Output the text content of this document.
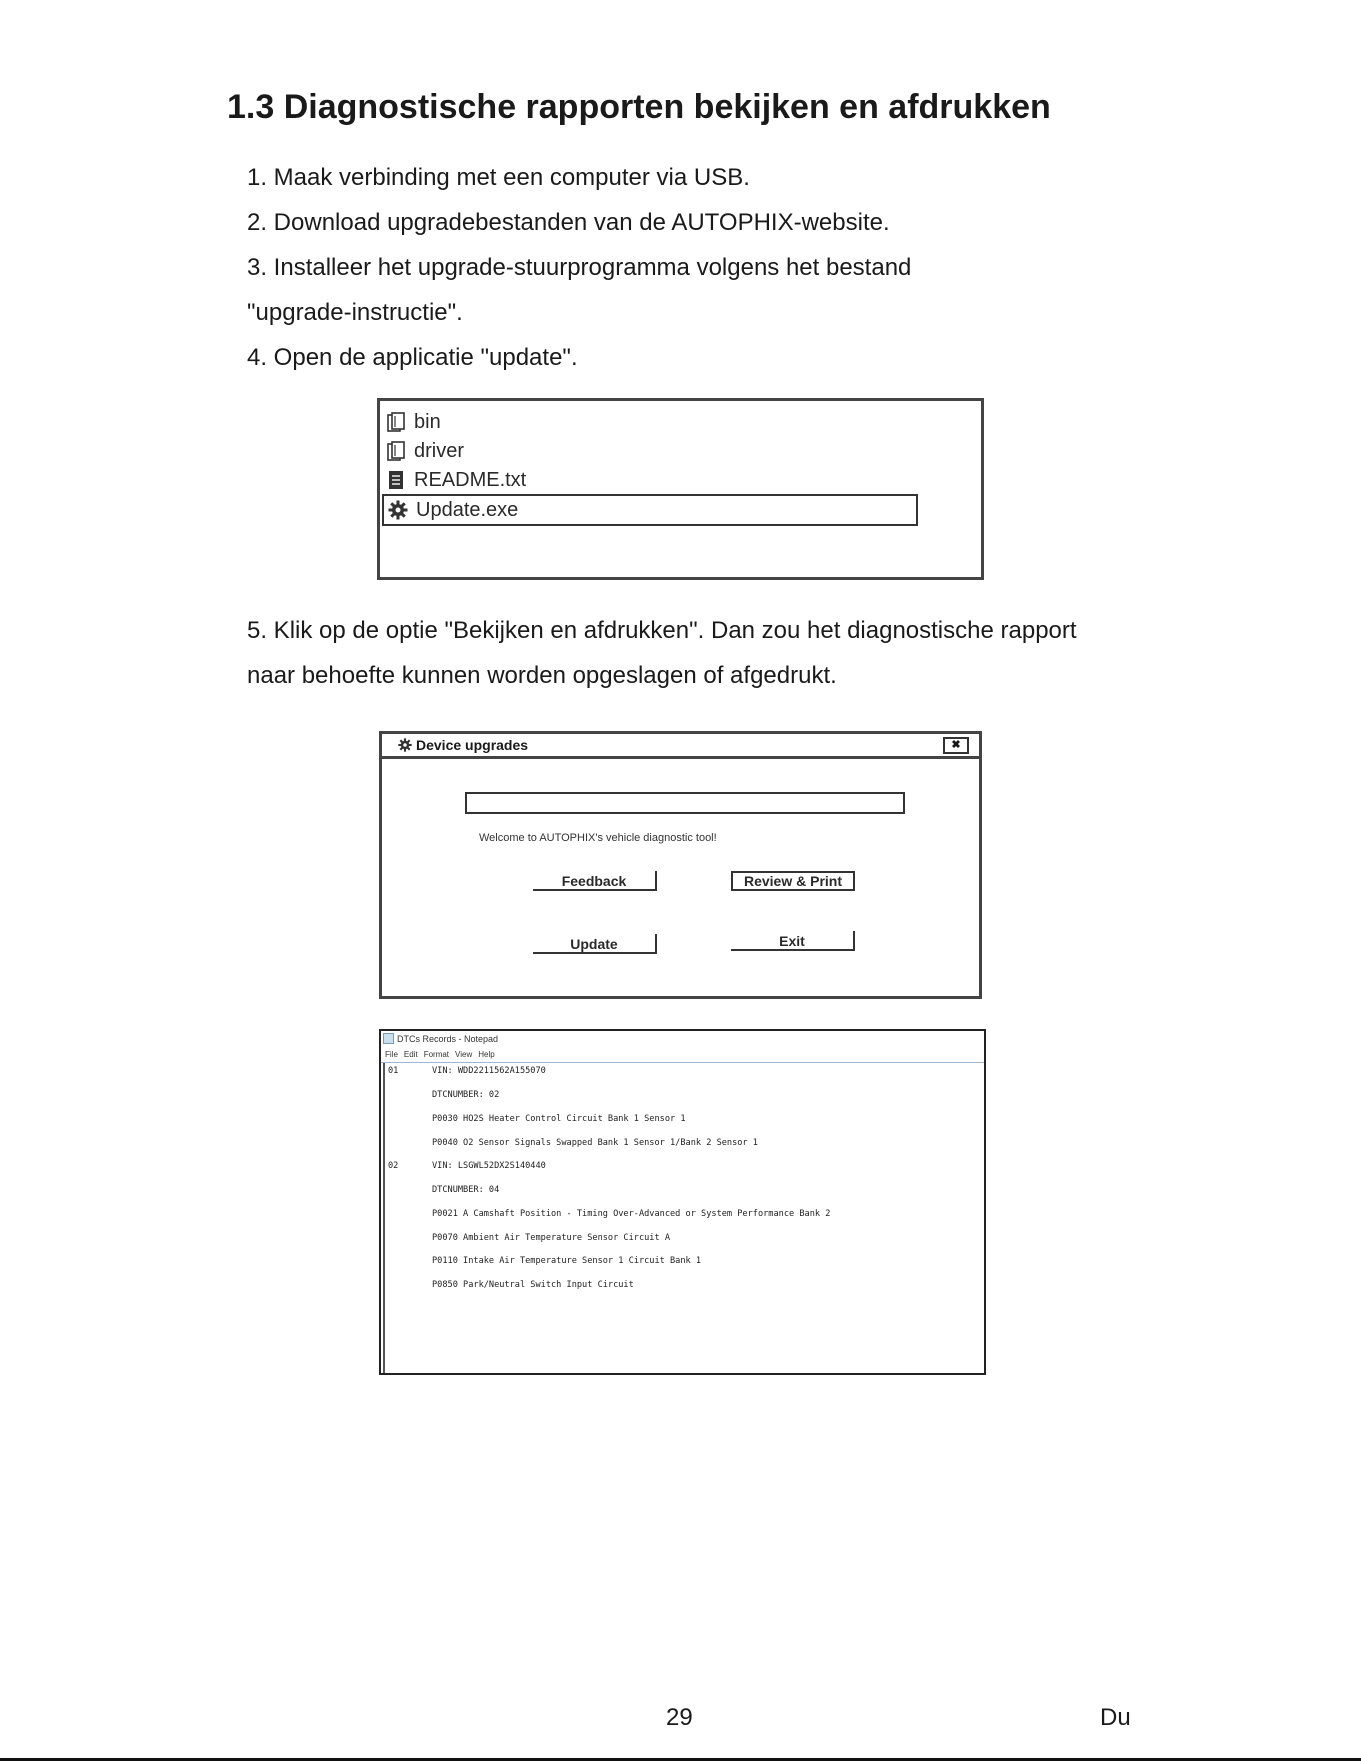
1.3 Diagnostische rapporten bekijken en afdrukken
1. Maak verbinding met een computer via USB.
2. Download upgradebestanden van de AUTOPHIX-website.
3. Installeer het upgrade-stuurprogramma volgens het bestand
"upgrade-instructie".
4. Open de applicatie "update".
bin
driver
README.txt
Update.exe
5. Klik op de optie "Bekijken en afdrukken". Dan zou het diagnostische rapport
naar behoefte kunnen worden opgeslagen of afgedrukt.
Device upgrades	✖
Welcome to AUTOPHIX's vehicle diagnostic tool!
Feedback	Review & Print
Update	Exit
DTCs Records - Notepad
File Edit Format View Help
01	VIN: WDD2211562A155070
DTCNUMBER: 02
P0030 HO2S Heater Control Circuit Bank 1 Sensor 1
P0040 O2 Sensor Signals Swapped Bank 1 Sensor 1/Bank 2 Sensor 1
02	VIN: LSGWL52DX2S140440
DTCNUMBER: 04
P0021 A Camshaft Position - Timing Over-Advanced or System Performance Bank 2
P0070 Ambient Air Temperature Sensor Circuit A
P0110 Intake Air Temperature Sensor 1 Circuit Bank 1
P0850 Park/Neutral Switch Input Circuit
29	Du
